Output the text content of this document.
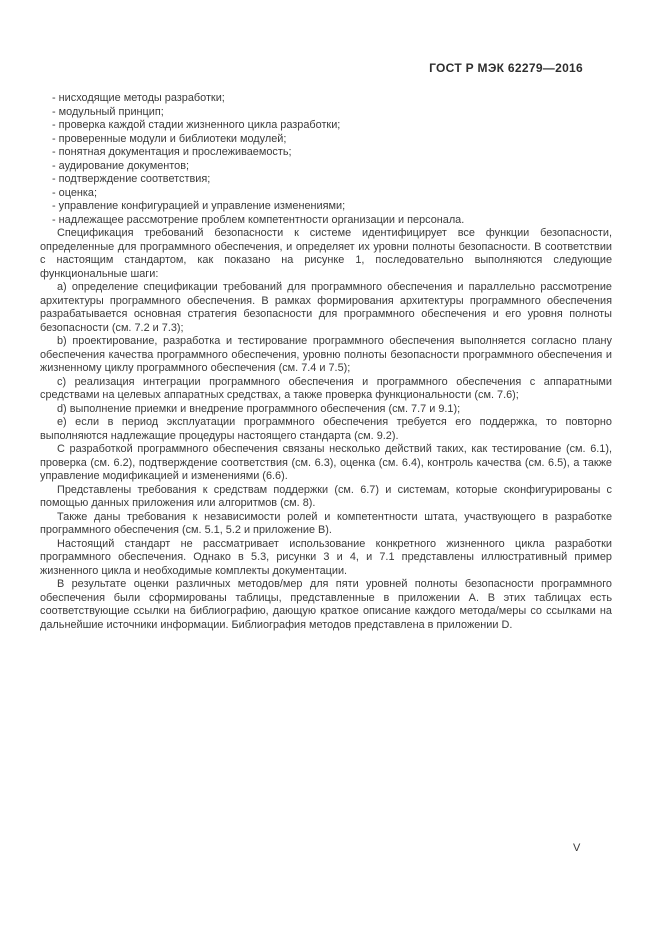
ГОСТ Р МЭК 62279—2016
- нисходящие методы разработки;
- модульный принцип;
- проверка каждой стадии жизненного цикла разработки;
- проверенные модули и библиотеки модулей;
- понятная документация и прослеживаемость;
- аудирование документов;
- подтверждение соответствия;
- оценка;
- управление конфигурацией и управление изменениями;
- надлежащее рассмотрение проблем компетентности организации и персонала.

Спецификация требований безопасности к системе идентифицирует все функции безопасности, определенные для программного обеспечения, и определяет их уровни полноты безопасности. В соответствии с настоящим стандартом, как показано на рисунке 1, последовательно выполняются следующие функциональные шаги:

a) определение спецификации требований для программного обеспечения и параллельно рассмотрение архитектуры программного обеспечения. В рамках формирования архитектуры программного обеспечения разрабатывается основная стратегия безопасности для программного обеспечения и его уровня полноты безопасности (см. 7.2 и 7.3);

b) проектирование, разработка и тестирование программного обеспечения выполняется согласно плану обеспечения качества программного обеспечения, уровню полноты безопасности программного обеспечения и жизненному циклу программного обеспечения (см. 7.4 и 7.5);

c) реализация интеграции программного обеспечения и программного обеспечения с аппаратными средствами на целевых аппаратных средствах, а также проверка функциональности (см. 7.6);

d) выполнение приемки и внедрение программного обеспечения (см. 7.7 и 9.1);

e) если в период эксплуатации программного обеспечения требуется его поддержка, то повторно выполняются надлежащие процедуры настоящего стандарта (см. 9.2).

С разработкой программного обеспечения связаны несколько действий таких, как тестирование (см. 6.1), проверка (см. 6.2), подтверждение соответствия (см. 6.3), оценка (см. 6.4), контроль качества (см. 6.5), а также управление модификацией и изменениями (6.6).

Представлены требования к средствам поддержки (см. 6.7) и системам, которые сконфигурированы с помощью данных приложения или алгоритмов (см. 8).

Также даны требования к независимости ролей и компетентности штата, участвующего в разработке программного обеспечения (см. 5.1, 5.2 и приложение B).

Настоящий стандарт не рассматривает использование конкретного жизненного цикла разработки программного обеспечения. Однако в 5.3, рисунки 3 и 4, и 7.1 представлены иллюстративный пример жизненного цикла и необходимые комплекты документации.

В результате оценки различных методов/мер для пяти уровней полноты безопасности программного обеспечения были сформированы таблицы, представленные в приложении A. В этих таблицах есть соответствующие ссылки на библиографию, дающую краткое описание каждого метода/меры со ссылками на дальнейшие источники информации. Библиография методов представлена в приложении D.

V
